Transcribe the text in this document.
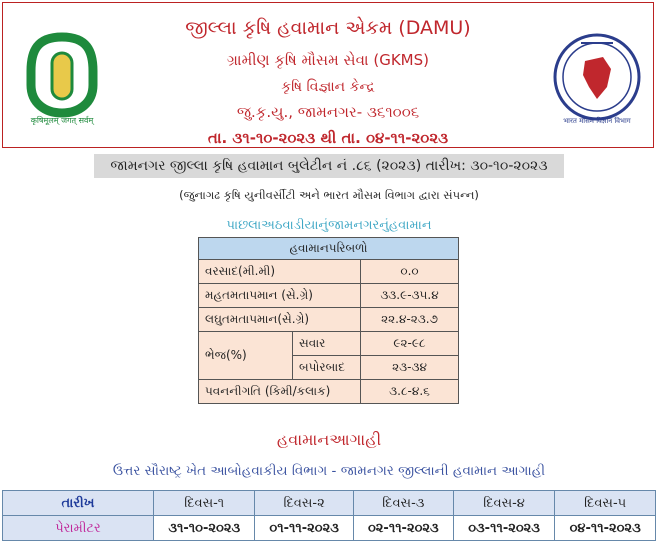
कृषिमूलम् जगत् सर्वम्
જીલ્લા કૃષિ હવામાન એકમ (DAMU)
ગ્રામીણ કૃષિ મૌસમ સેવા (GKMS)
કૃષિ વિજ્ઞાન કેન્દ્ર
જુ.કૃ.યુ., જામનગર- ૩૬૧૦૦૬
તા. ૩૧-૧૦-૨૦૨૩ થી તા. ૦૪-૧૧-૨૦૨૩
भारत मौसम विज्ञान विभाग
જામનગર જીલ્લા કૃષિ હવામાન બુલેટીન નં .૮૬ (૨૦૨૩) તારીખ: ૩૦-૧૦-૨૦૨૩
(જુનાગઢ કૃષિ યુનીવર્સીટી અને ભારત મૌસમ વિભાગ દ્વારા સંપન્ન)
પાછલાઅઠવાડીયાનુંજામનગરનુંહવામાન
હવામાનપરિબળો		
વરસાદ(મી.મી)		૦.૦
મહતમતાપમાન (સે.ગ્રે)		૩૩.૯-૩૫.૪
લઘુતમતાપમાન(સે.ગ્રે)		૨૨.૪-૨૩.૭
ભેજ(%)	સવાર	૯૨-૯૮
	બપોરબાદ	૨૩-૩૪
પવનનીગતિ (કિમી/કલાક)		૩.૮-૪.૬
હવામાનઆગાહી
ઉત્તર સૌરાષ્ટ્ર ખેત આબોહવાકીય વિભાગ - જામનગર જીલ્લાની હવામાન આગાહી
તારીખ	દિવસ-૧	દિવસ-૨	દિવસ-૩	દિવસ-૪	દિવસ-૫
પેરામીટર	૩૧-૧૦-૨૦૨૩	૦૧-૧૧-૨૦૨૩	૦૨-૧૧-૨૦૨૩	૦૩-૧૧-૨૦૨૩	૦૪-૧૧-૨૦૨૩
